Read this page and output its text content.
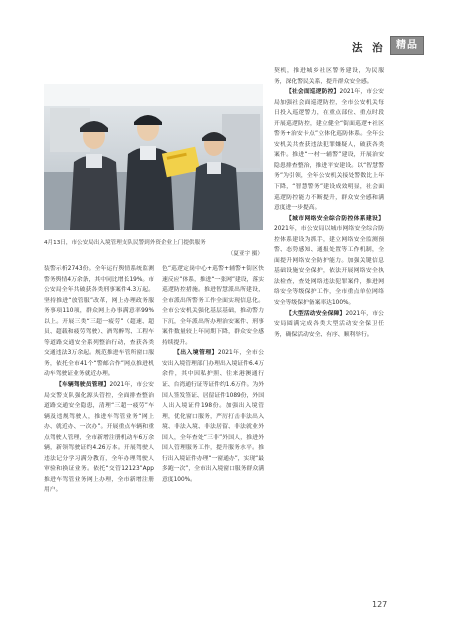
法 治	精品
4月13日，市公安局出入境管理支队民警到外资企业上门提供服务
（夏亚宇 摄）

装警示析2743份。全年运行舆情系统监测警务舆情4万余条，其中同比增长19%。市公安局全年共破获各类刑事案件4.3万起。坚持推进“放管服”改革，网上办理政务服务事项110项，群众网上办事满意率99%以上。开展三类“三超一疲劳”（超速、超员、超载和疲劳驾驶）、酒驾醉驾、工程车等道路交通安全系列整治行动，查获各类交通违法3万余起。规范推进车管所窗口服务，依托全市41个“警邮合作”网点推进机动车驾驶证业务就近办理。

【车辆驾驶员管理】2021年，市公安局交警支队强化源头管控，全面排查整治道路交通安全隐患，清理“三超一疲劳”车辆及违规驾驶人，推进车驾管业务“网上办、就近办、一次办”。开展重点车辆和重点驾驶人管理，全市新增注册机动车6万余辆，新领驾驶证约4.26万本。开展驾驶人违法记分学习满分教育，全年办理驾驶人审验和换证业务。依托“交管12123”App推进车驾管业务网上办理，全市新增注册用户。

色“巡逻定岗中心+巡警+辅警+街区快速反应”体系，推进“一张网”建设，落实巡逻防控措施。推进智慧派出所建设，全市派出所警务工作全面实现信息化。全市公安机关强化基层基础，推动警力下沉，全年派出所办理治安案件、刑事案件数量较上年同期下降，群众安全感持续提升。

【出入境管理】2021年，全市公安出入境管理部门办理出入境证件6.4万余件，其中因私护照、往来港澳通行证、台湾通行证等证件约1.6万件。为外国人签发签证、居留证件1089份，外国人出入境证件198份。加强出入境管理，优化窗口服务，严厉打击非法出入境、非法入境、非法居留、非法就业外国人，全年查处“三非”外国人，推进外国人管理服务工作，提升服务水平。推行出入境证件办理“一窗通办”，实现“最多跑一次”，全市出入境窗口服务群众满意度100%。

契机，推进城乡社区警务建设，为民服务，深化警民关系，提升群众安全感。

【社会面巡逻防控】2021年，市公安局加强社会面巡逻防控，全市公安机关每日投入巡逻警力，在重点部位、重点时段开展巡逻防控，建立健全“街面巡逻+社区警务+治安卡点”立体化巡防体系。全年公安机关共查获违法犯罪嫌疑人，破获各类案件。推进“一村一辅警”建设，开展治安隐患排查整治，推进平安建设。以“智慧警务”为引领，全年公安机关接处警数比上年下降，“智慧警务”建设成效明显，社会面巡逻防控能力不断提升，群众安全感和满意度进一步提高。

【城市网络安全综合防控体系建设】2021年，市公安局以城市网络安全综合防控体系建设为抓手，建立网络安全监测预警、态势感知、通报处置等工作机制，全面提升网络安全防护能力。加强关键信息基础设施安全保护，依法开展网络安全执法检查，查处网络违法犯罪案件，推进网络安全等级保护工作，全市重点单位网络安全等级保护备案率达100%。

【大型活动安全保障】2021年，市公安局圆满完成各类大型活动安全保卫任务，确保活动安全、有序、顺利举行。

127
